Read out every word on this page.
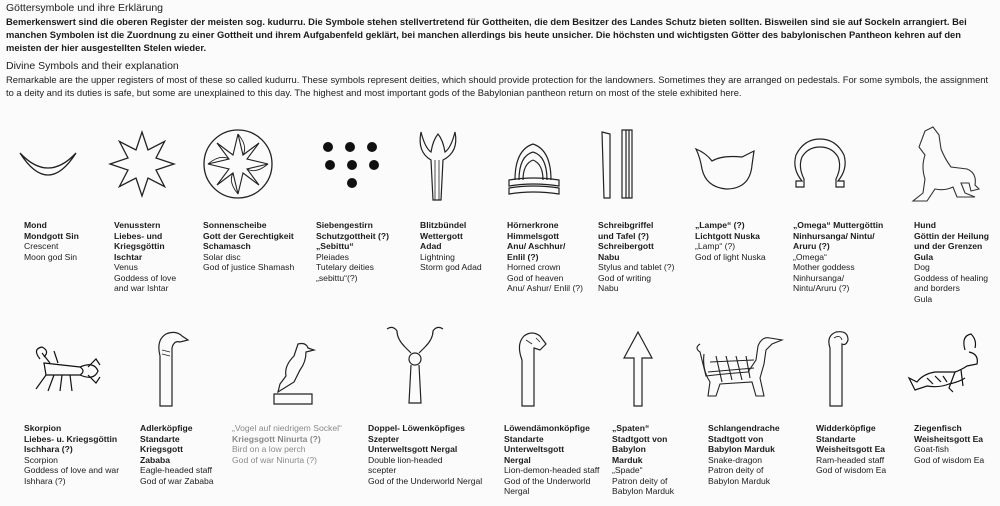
Göttersymbole und ihre Erklärung

Bemerkenswert sind die oberen Register der meisten sog. kudurru. Die Symbole stehen stellvertretend für Gottheiten, die dem Besitzer des Landes Schutz bieten sollten. Bisweilen sind sie auf Sockeln arrangiert. Bei manchen Symbolen ist die Zuordnung zu einer Gottheit und ihrem Aufgabenfeld geklärt, bei manchen allerdings bis heute unsicher. Die höchsten und wichtigsten Götter des babylonischen Pantheon kehren auf den meisten der hier ausgestellten Stelen wieder.

Divine Symbols and their explanation

Remarkable are the upper registers of most of these so called kudurru. These symbols represent deities, which should provide protection for the landowners. Sometimes they are arranged on pedestals. For some symbols, the assignment to a deity and its duties is safe, but some are unexplained to this day. The highest and most important gods of the Babylonian pantheon return on most of the stele exhibited here.

Mond
Mondgott Sin
Crescent
Moon god Sin
Venusstern
Liebes- und
Kriegsgöttin
Ischtar
Venus
Goddess of love
and war Ishtar
Sonnenscheibe
Gott der Gerechtigkeit
Schamasch
Solar disc
God of justice Shamash
Siebengestirn
Schutzgottheit (?)
„Sebittu“
Pleiades
Tutelary deities
„sebittu“(?)
Blitzbündel
Wettergott
Adad
Lightning
Storm god Adad
Hörnerkrone
Himmelsgott
Anu/ Aschhur/
Enlil (?)
Horned crown
God of heaven
Anu/ Ashur/ Enlil (?)
Schreibgriffel
und Tafel (?)
Schreibergott
Nabu
Stylus and tablet (?)
God of writing
Nabu
„Lampe“ (?)
Lichtgott Nuska
„Lamp“ (?)
God of light Nuska
„Omega“ Muttergöttin
Ninhursanga/ Nintu/
Aruru (?)
„Omega“
Mother goddess
Ninhursanga/
Nintu/Aruru (?)
Hund
Göttin der Heilung
und der Grenzen
Gula
Dog
Goddess of healing
and borders
Gula
Skorpion
Liebes- u. Kriegsgöttin
Ischhara (?)
Scorpion
Goddess of love and war
Ishhara (?)
Adlerköpfige
Standarte
Kriegsgott
Zababa
Eagle-headed staff
God of war Zababa
„Vogel auf niedrigem Sockel“
Kriegsgott Ninurta (?)
Bird on a low perch
God of war Ninurta (?)
Doppel- Löwenköpfiges
Szepter
Unterweltsgott Nergal
Double lion-headed
scepter
God of the Underworld Nergal
Löwendämonköpfige
Standarte
Unterweltsgott
Nergal
Lion-demon-headed staff
God of the Underworld
Nergal
„Spaten“
Stadtgott von
Babylon
Marduk
„Spade“
Patron deity of
Babylon Marduk
Schlangendrache
Stadtgott von
Babylon Marduk
Snake-dragon
Patron deity of
Babylon Marduk
Widderköpfige
Standarte
Weisheitsgott Ea
Ram-headed staff
God of wisdom Ea
Ziegenfisch
Weisheitsgott Ea
Goat-fish
God of wisdom Ea
